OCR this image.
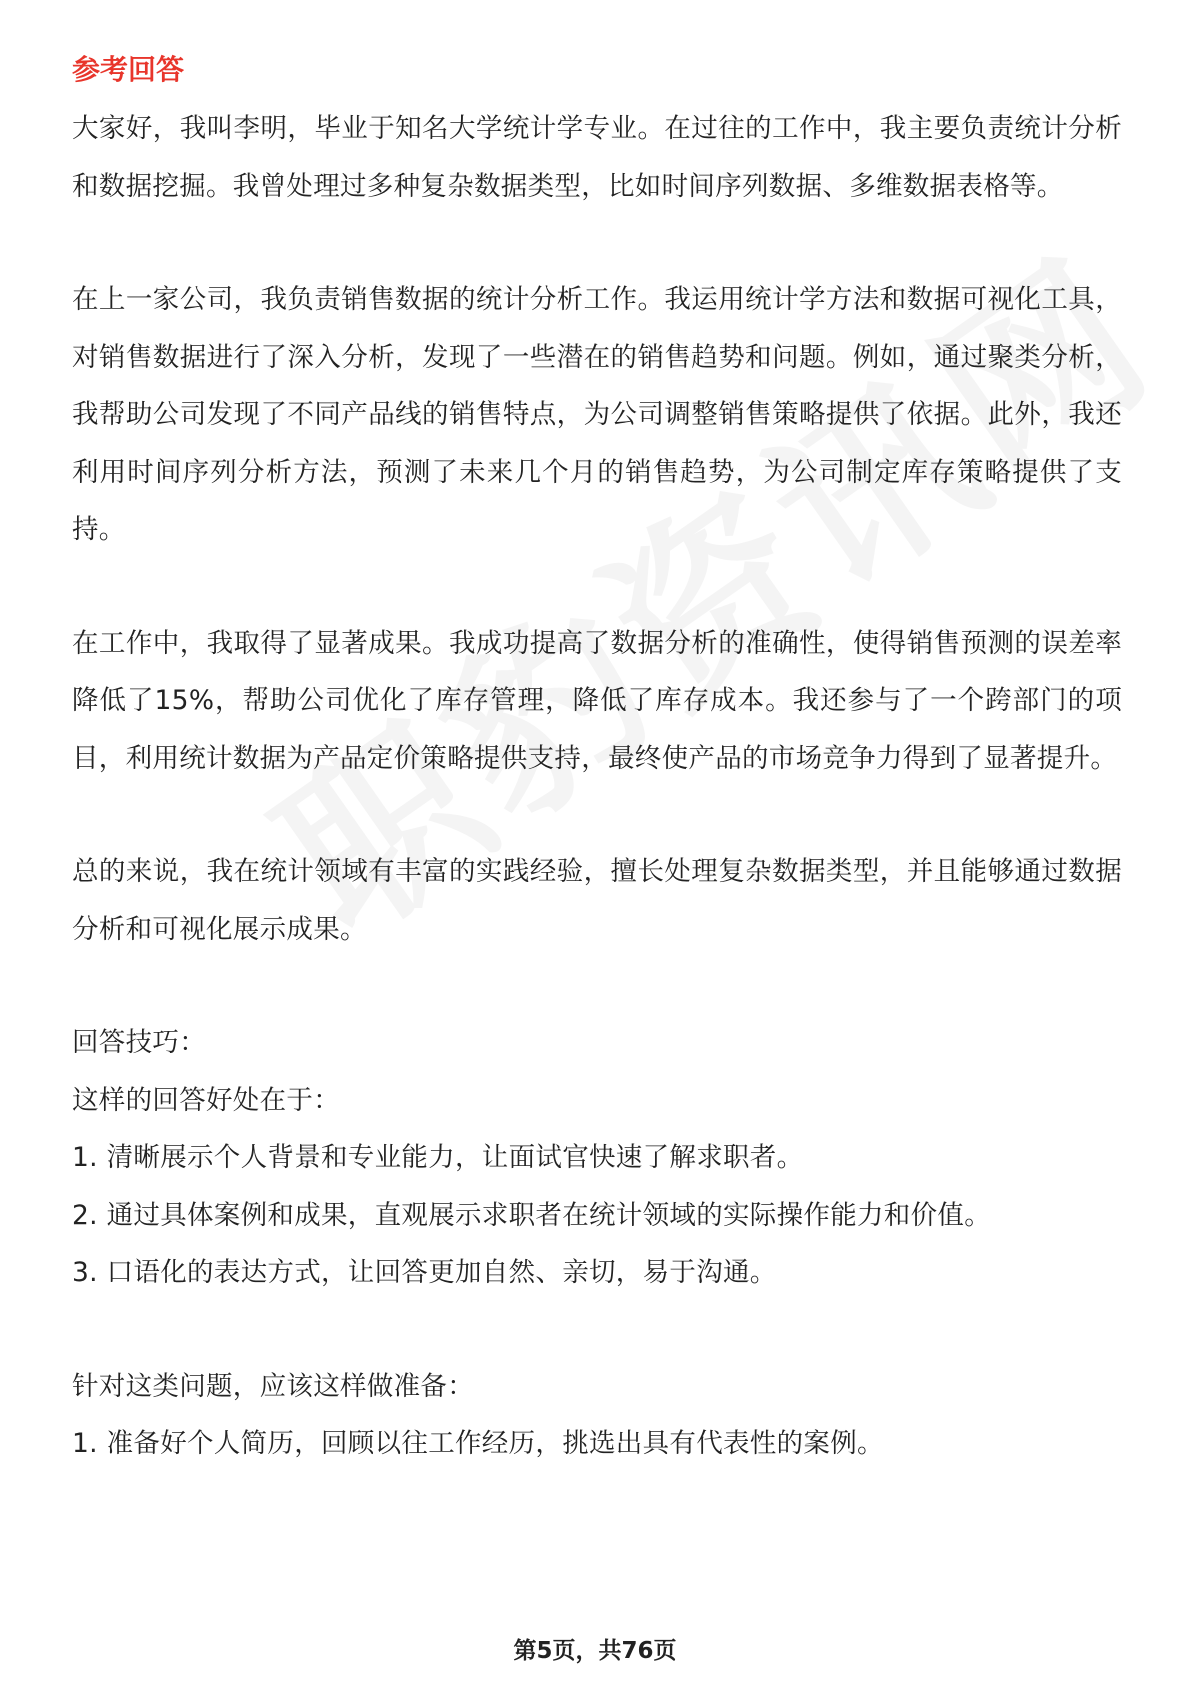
参考回答

大家好，我叫李明，毕业于知名大学统计学专业。在过往的工作中，我主要负责统计分析和数据挖掘。我曾处理过多种复杂数据类型，比如时间序列数据、多维数据表格等。

在上一家公司，我负责销售数据的统计分析工作。我运用统计学方法和数据可视化工具，对销售数据进行了深入分析，发现了一些潜在的销售趋势和问题。例如，通过聚类分析，我帮助公司发现了不同产品线的销售特点，为公司调整销售策略提供了依据。此外，我还利用时间序列分析方法，预测了未来几个月的销售趋势，为公司制定库存策略提供了支持。

在工作中，我取得了显著成果。我成功提高了数据分析的准确性，使得销售预测的误差率降低了15%，帮助公司优化了库存管理，降低了库存成本。我还参与了一个跨部门的项目，利用统计数据为产品定价策略提供支持，最终使产品的市场竞争力得到了显著提升。

总的来说，我在统计领域有丰富的实践经验，擅长处理复杂数据类型，并且能够通过数据分析和可视化展示成果。

回答技巧：

这样的回答好处在于：

1. 清晰展示个人背景和专业能力，让面试官快速了解求职者。

2. 通过具体案例和成果，直观展示求职者在统计领域的实际操作能力和价值。

3. 口语化的表达方式，让回答更加自然、亲切，易于沟通。

针对这类问题，应该这样做准备：

1. 准备好个人简历，回顾以往工作经历，挑选出具有代表性的案例。

第5页，共76页
